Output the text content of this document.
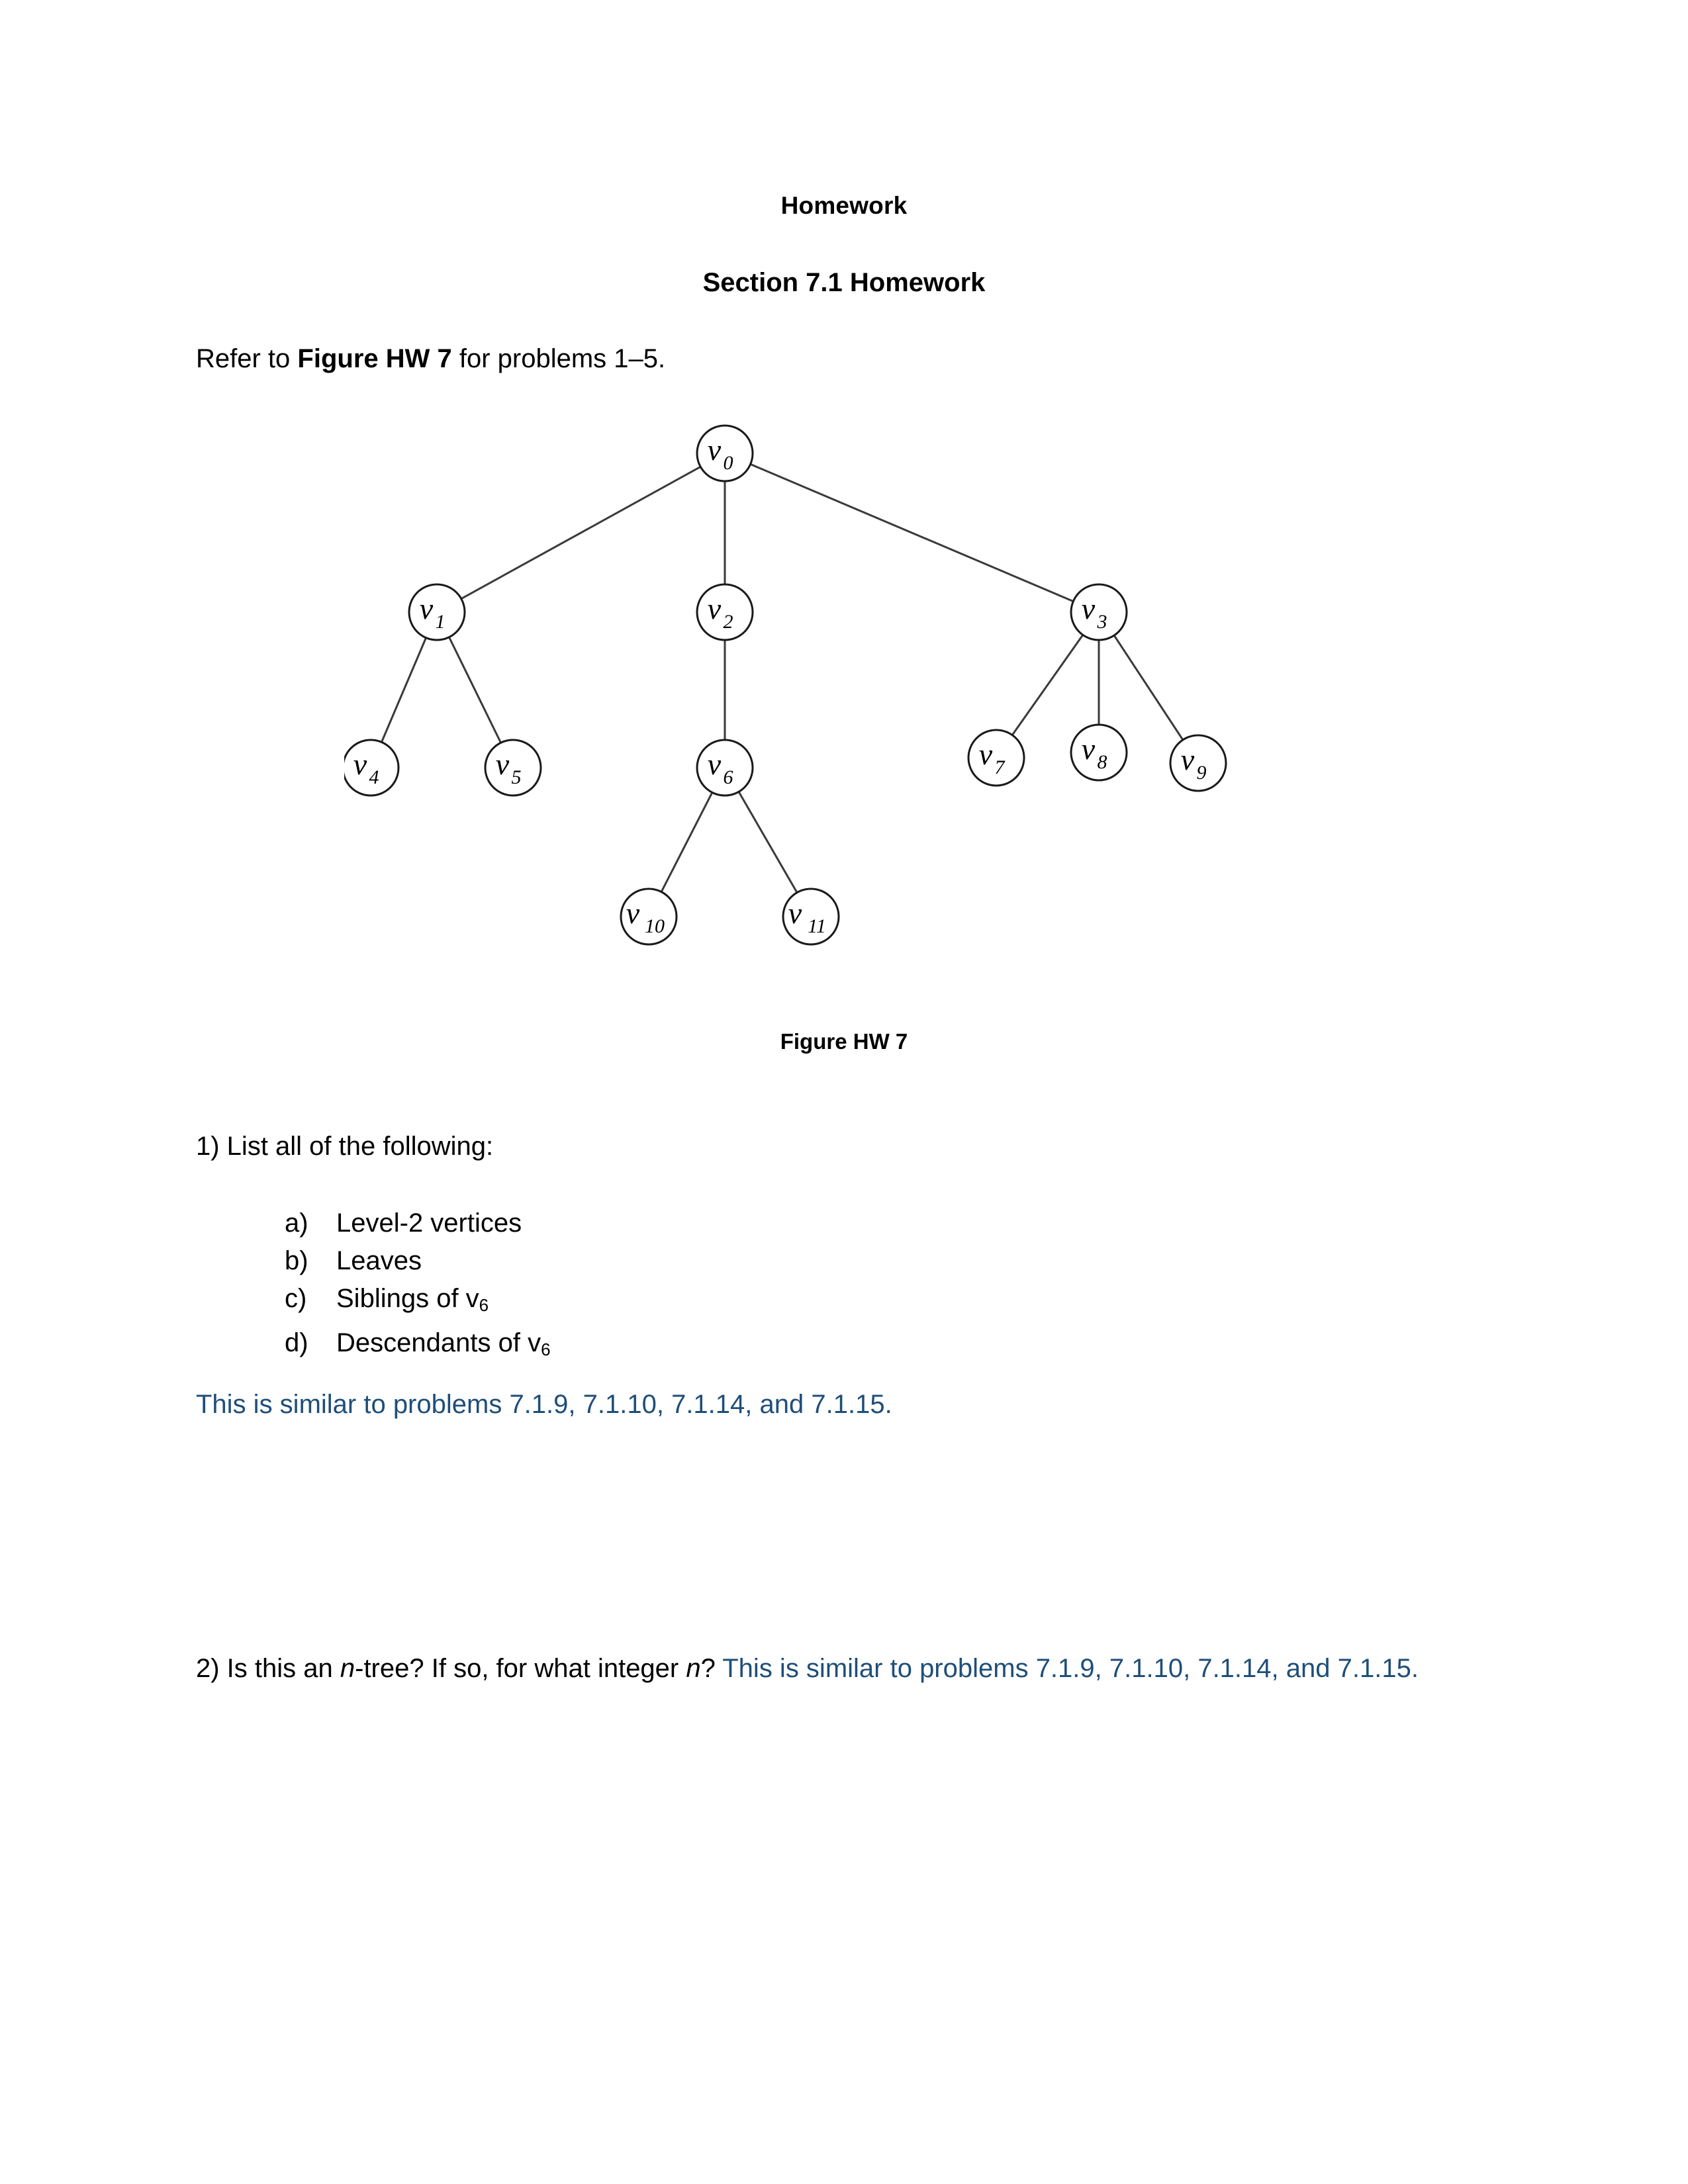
Homework
Section 7.1 Homework
Refer to Figure HW 7 for problems 1–5.
v 0
v 1	v 2	v 3
v 4	v 5	v 6
v 7
v 8 v 9
v 10	v 11
Figure HW 7
1) List all of the following:
a) Level-2 vertices
b) Leaves
c) Siblings of $v_6$
d) Descendants of $v_6$
This is similar to problems 7.1.9, 7.1.10, 7.1.14, and 7.1.15.
2) Is this an n-tree? If so, for what integer n? This is similar to problems 7.1.9, 7.1.10, 7.1.14, and 7.1.15.
